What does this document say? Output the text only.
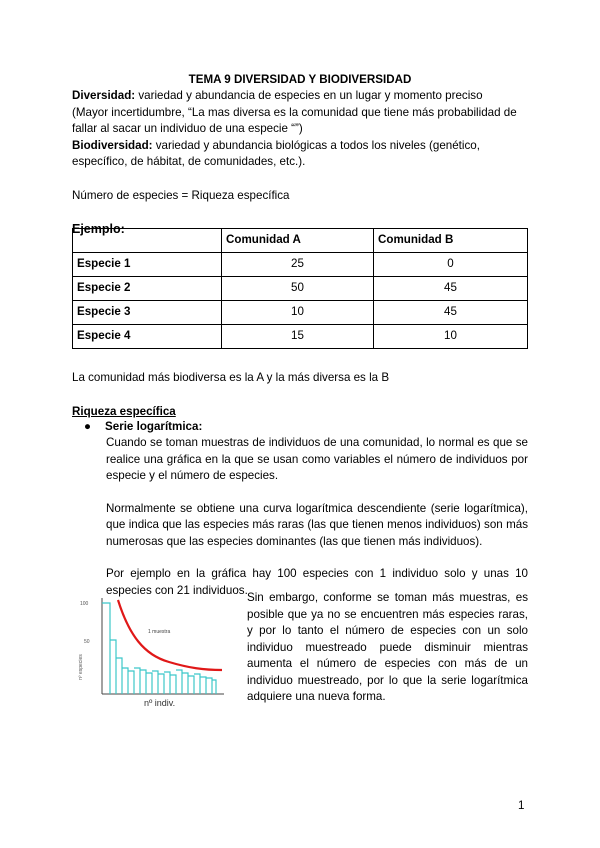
TEMA 9 DIVERSIDAD Y BIODIVERSIDAD

Diversidad: variedad y abundancia de especies en un lugar y momento preciso

(Mayor incertidumbre, “La mas diversa es la comunidad que tiene más probabilidad de fallar al sacar un individuo de una especie “”)

Biodiversidad: variedad y abundancia biológicas a todos los niveles (genético, específico, de hábitat, de comunidades, etc.).

Número de especies = Riqueza específica

Ejemplo:

	Comunidad A	Comunidad B
Especie 1	25	0
Especie 2	50	45
Especie 3	10	45
Especie 4	15	10

La comunidad más biodiversa es la A y la más diversa es la B

Riqueza específica

● Serie logarítmica:

Cuando se toman muestras de individuos de una comunidad, lo normal es que se realice una gráfica en la que se usan como variables el número de individuos por especie y el número de especies.

Normalmente se obtiene una curva logarítmica descendiente (serie logarítmica), que indica que las especies más raras (las que tienen menos individuos) son más numerosas que las especies dominantes (las que tienen más individuos).

Por ejemplo en la gráfica hay 100 especies con 1 individuo solo y unas 10 especies con 21 individuos.

Sin embargo, conforme se toman más muestras, es posible que ya no se encuentren más especies raras, y por lo tanto el número de especies con un solo individuo muestreado puede disminuir mientras aumenta el número de especies con más de un individuo muestreado, por lo que la serie logarítmica adquiere una nueva forma.

100
50
nº especies
nº indiv.
1 muestra

1
